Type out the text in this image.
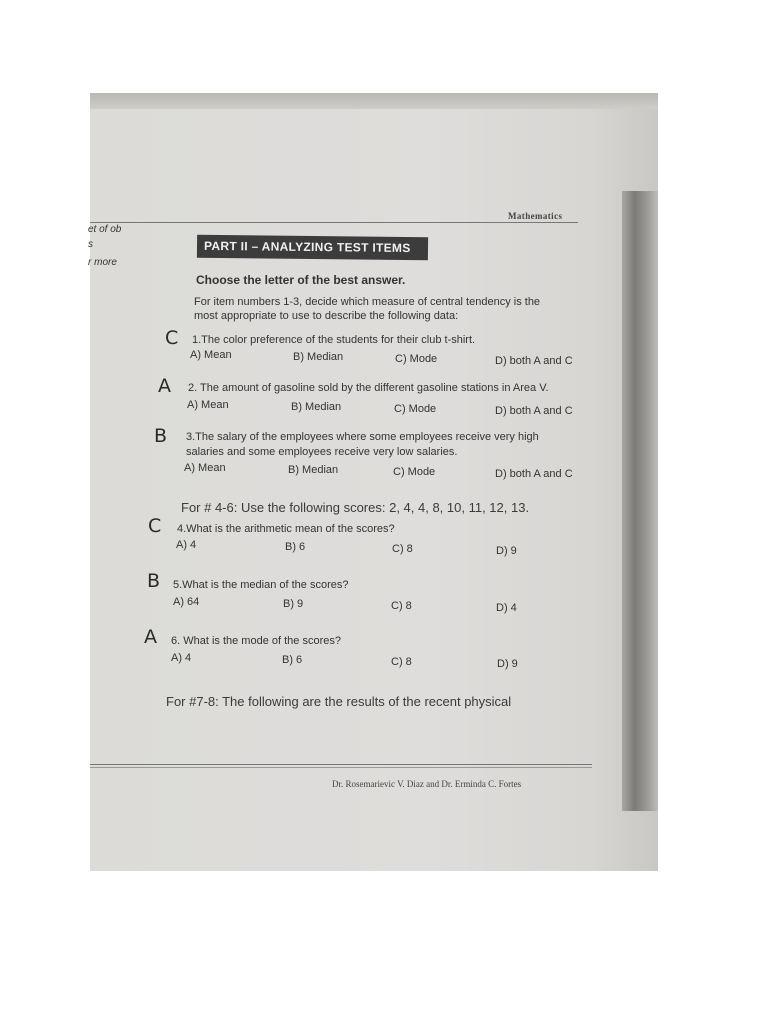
Mathematics
et of ob
s
r more
PART II – ANALYZING TEST ITEMS
Choose the letter of the best answer.
For item numbers 1-3, decide which measure of central tendency is the
most appropriate to use to describe the following data:
C 1.The color preference of the students for their club t-shirt.
A) Mean	B) Median	C) Mode	D) both A and C
A 2. The amount of gasoline sold by the different gasoline stations in Area V.
A) Mean	B) Median	C) Mode	D) both A and C
B 3.The salary of the employees where some employees receive very high
salaries and some employees receive very low salaries.
A) Mean	B) Median	C) Mode	D) both A and C
For # 4-6: Use the following scores: 2, 4, 4, 8, 10, 11, 12, 13.
C 4.What is the arithmetic mean of the scores?
A) 4	B) 6	C) 8	D) 9
B 5.What is the median of the scores?
A) 64	B) 9	C) 8	D) 4
A 6. What is the mode of the scores?
A) 4	B) 6	C) 8	D) 9
For #7-8: The following are the results of the recent physical
Dr. Rosemarievic V. Diaz and Dr. Erminda C. Fortes
